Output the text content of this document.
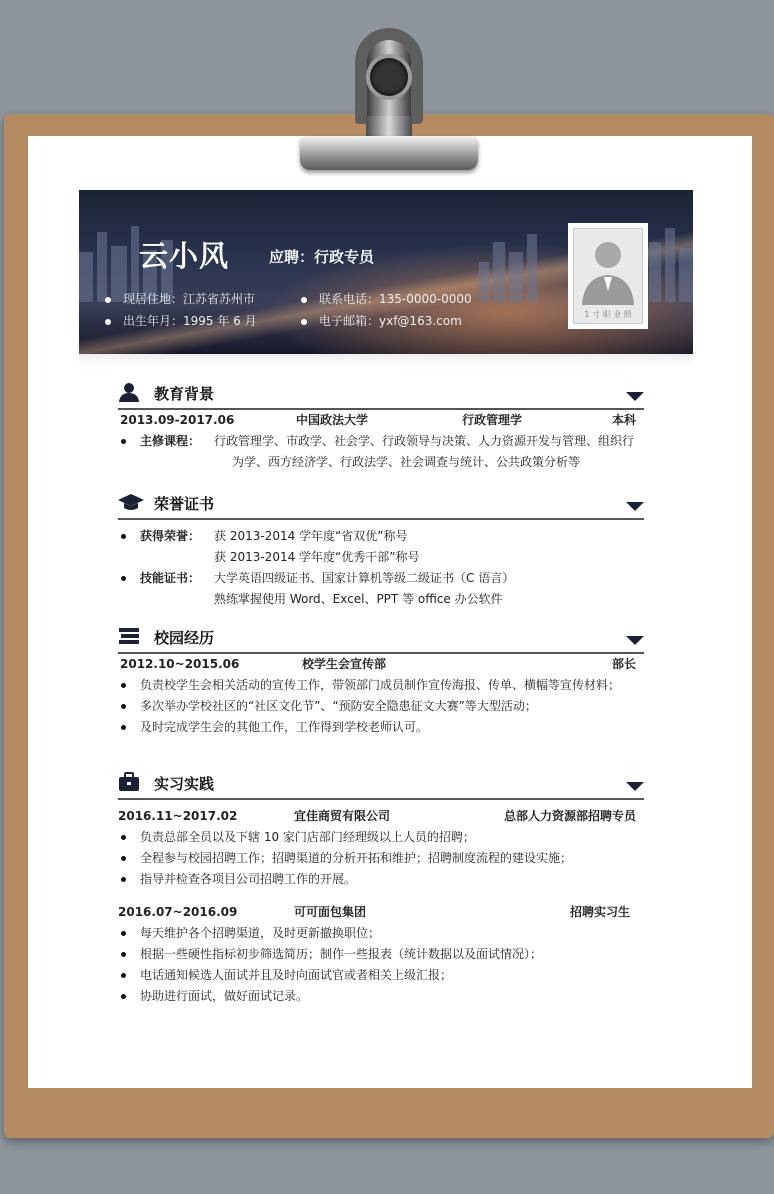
云小风	应聘：行政专员
现居住地：江苏省苏州市
出生年月：1995 年 6 月
联系电话：135-0000-0000
电子邮箱：yxf@163.com	1 寸 职 业 照
教育背景
2013.09-2017.06	中国政法大学	行政管理学	本科
主修课程： 行政管理学、市政学、社会学、行政领导与决策、人力资源开发与管理、组织行
为学、西方经济学、行政法学、社会调查与统计、公共政策分析等
荣誉证书
获得荣誉： 获 2013-2014 学年度“省双优”称号
获 2013-2014 学年度“优秀干部”称号
技能证书： 大学英语四级证书、国家计算机等级二级证书（C 语言）
熟练掌握使用 Word、Excel、PPT 等 office 办公软件
校园经历
2012.10~2015.06	校学生会宣传部	部长
负责校学生会相关活动的宣传工作，带领部门成员制作宣传海报、传单、横幅等宣传材料；
多次举办学校社区的“社区文化节”、“预防安全隐患征文大赛”等大型活动；
及时完成学生会的其他工作，工作得到学校老师认可。
实习实践
2016.11~2017.02	宜佳商贸有限公司	总部人力资源部招聘专员
负责总部全员以及下辖 10 家门店部门经理级以上人员的招聘；
全程参与校园招聘工作；招聘渠道的分析开拓和维护；招聘制度流程的建设实施；
指导并检查各项目公司招聘工作的开展。
2016.07~2016.09	可可面包集团	招聘实习生
每天维护各个招聘渠道，及时更新撤换职位；
根据一些硬性指标初步筛选简历；制作一些报表（统计数据以及面试情况）；
电话通知候选人面试并且及时向面试官或者相关上级汇报；
协助进行面试，做好面试记录。
